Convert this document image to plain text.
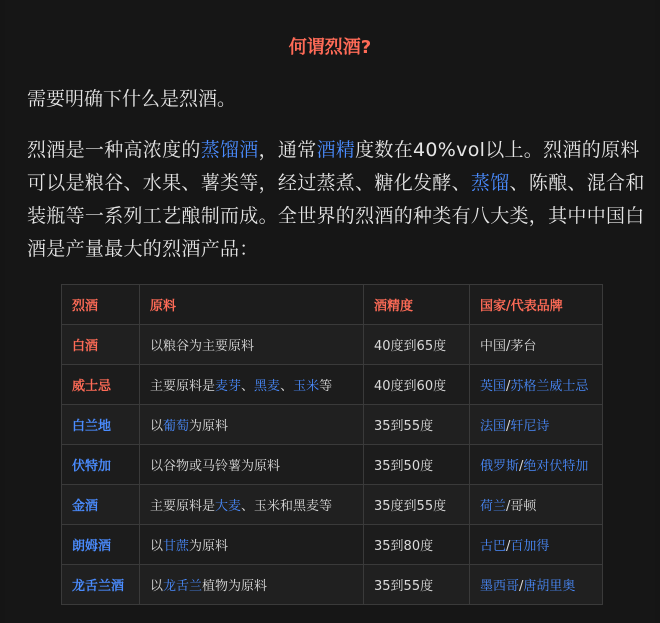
何谓烈酒?
需要明确下什么是烈酒。
烈酒是一种高浓度的蒸馏酒，通常酒精度数在40%vol以上。烈酒的原料可以是粮谷、水果、薯类等，经过蒸煮、糖化发酵、蒸馏、陈酿、混合和装瓶等一系列工艺酿制而成。全世界的烈酒的种类有八大类，其中中国白酒是产量最大的烈酒产品：
烈酒	原料	酒精度	国家/代表品牌
白酒	以粮谷为主要原料	40度到65度	中国/茅台
威士忌	主要原料是麦芽、黑麦、玉米等	40度到60度	英国/苏格兰威士忌
白兰地	以葡萄为原料	35到55度	法国/轩尼诗
伏特加	以谷物或马铃薯为原料	35到50度	俄罗斯/绝对伏特加
金酒	主要原料是大麦、玉米和黑麦等	35度到55度	荷兰/哥顿
朗姆酒	以甘蔗为原料	35到80度	古巴/百加得
龙舌兰酒	以龙舌兰植物为原料	35到55度	墨西哥/唐胡里奥
